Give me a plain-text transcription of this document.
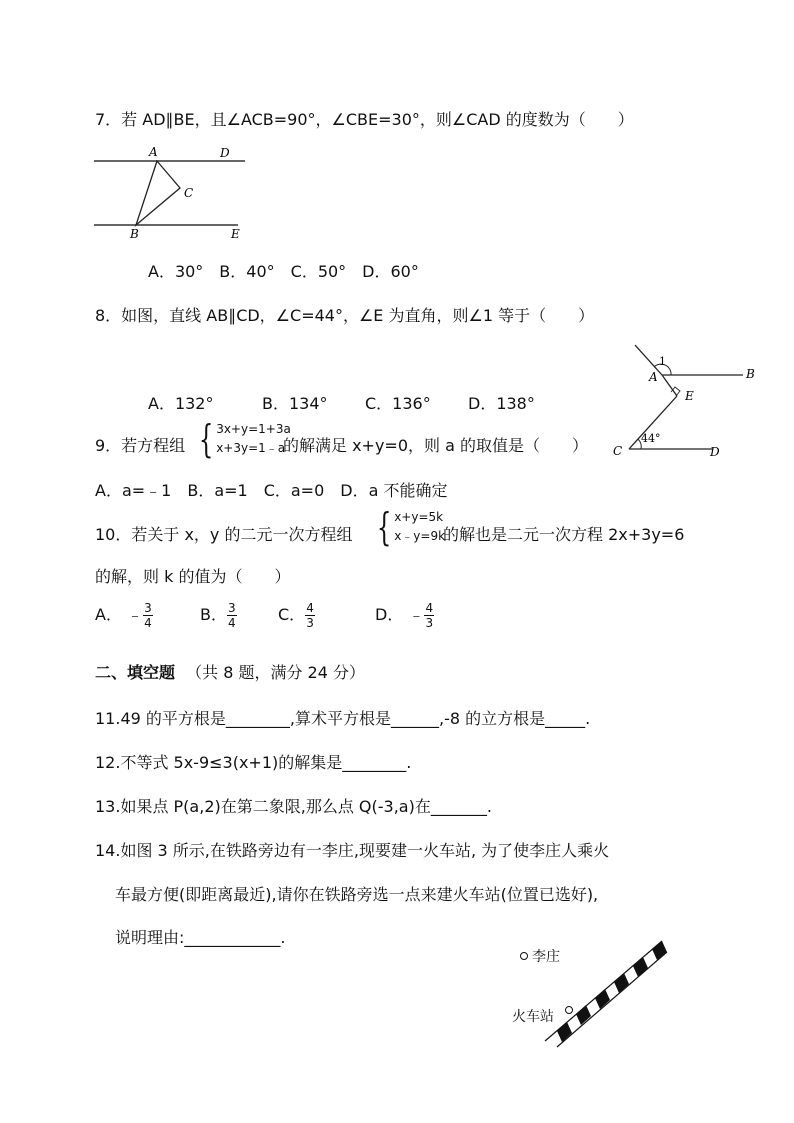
7．若 AD∥BE，且∠ACB=90°，∠CBE=30°，则∠CAD 的度数为（　　）
A	D
C
B	E
A．30°　B．40°　C．50°　D．60°
8．如图，直线 AB∥CD，∠C=44°，∠E 为直角，则∠1 等于（　　）
A．132°	B．134° C．136° D．138°
1
A	B
E
44°
C	D
9．若方程组 { 3x+y=1+3a
x+3y=1﹣a
的解满足 x+y=0，则 a 的取值是（　　）
A．a=﹣1　B．a=1　C．a=0　D．a 不能确定
10．若关于 x，y 的二元一次方程组 { x+y=5k
x﹣y=9k
的解也是二元一次方程 2x+3y=6
的解，则 k 的值为（　　）
A． ﹣ $\frac{3}{4}$	B． $\frac{3}{4}$	C． $\frac{4}{3}$	D． ﹣ $\frac{4}{3}$
二、填空题 （共 8 题，满分 24 分）
11.49 的平方根是________,算术平方根是______,-8 的立方根是_____.
12.不等式 5x-9≤3(x+1)的解集是________.
13.如果点 P(a,2)在第二象限,那么点 Q(-3,a)在_______.
14.如图 3 所示,在铁路旁边有一李庄,现要建一火车站, 为了使李庄人乘火
车最方便(即距离最近),请你在铁路旁选一点来建火车站(位置已选好),
说明理由:____________.
李庄
火车站
